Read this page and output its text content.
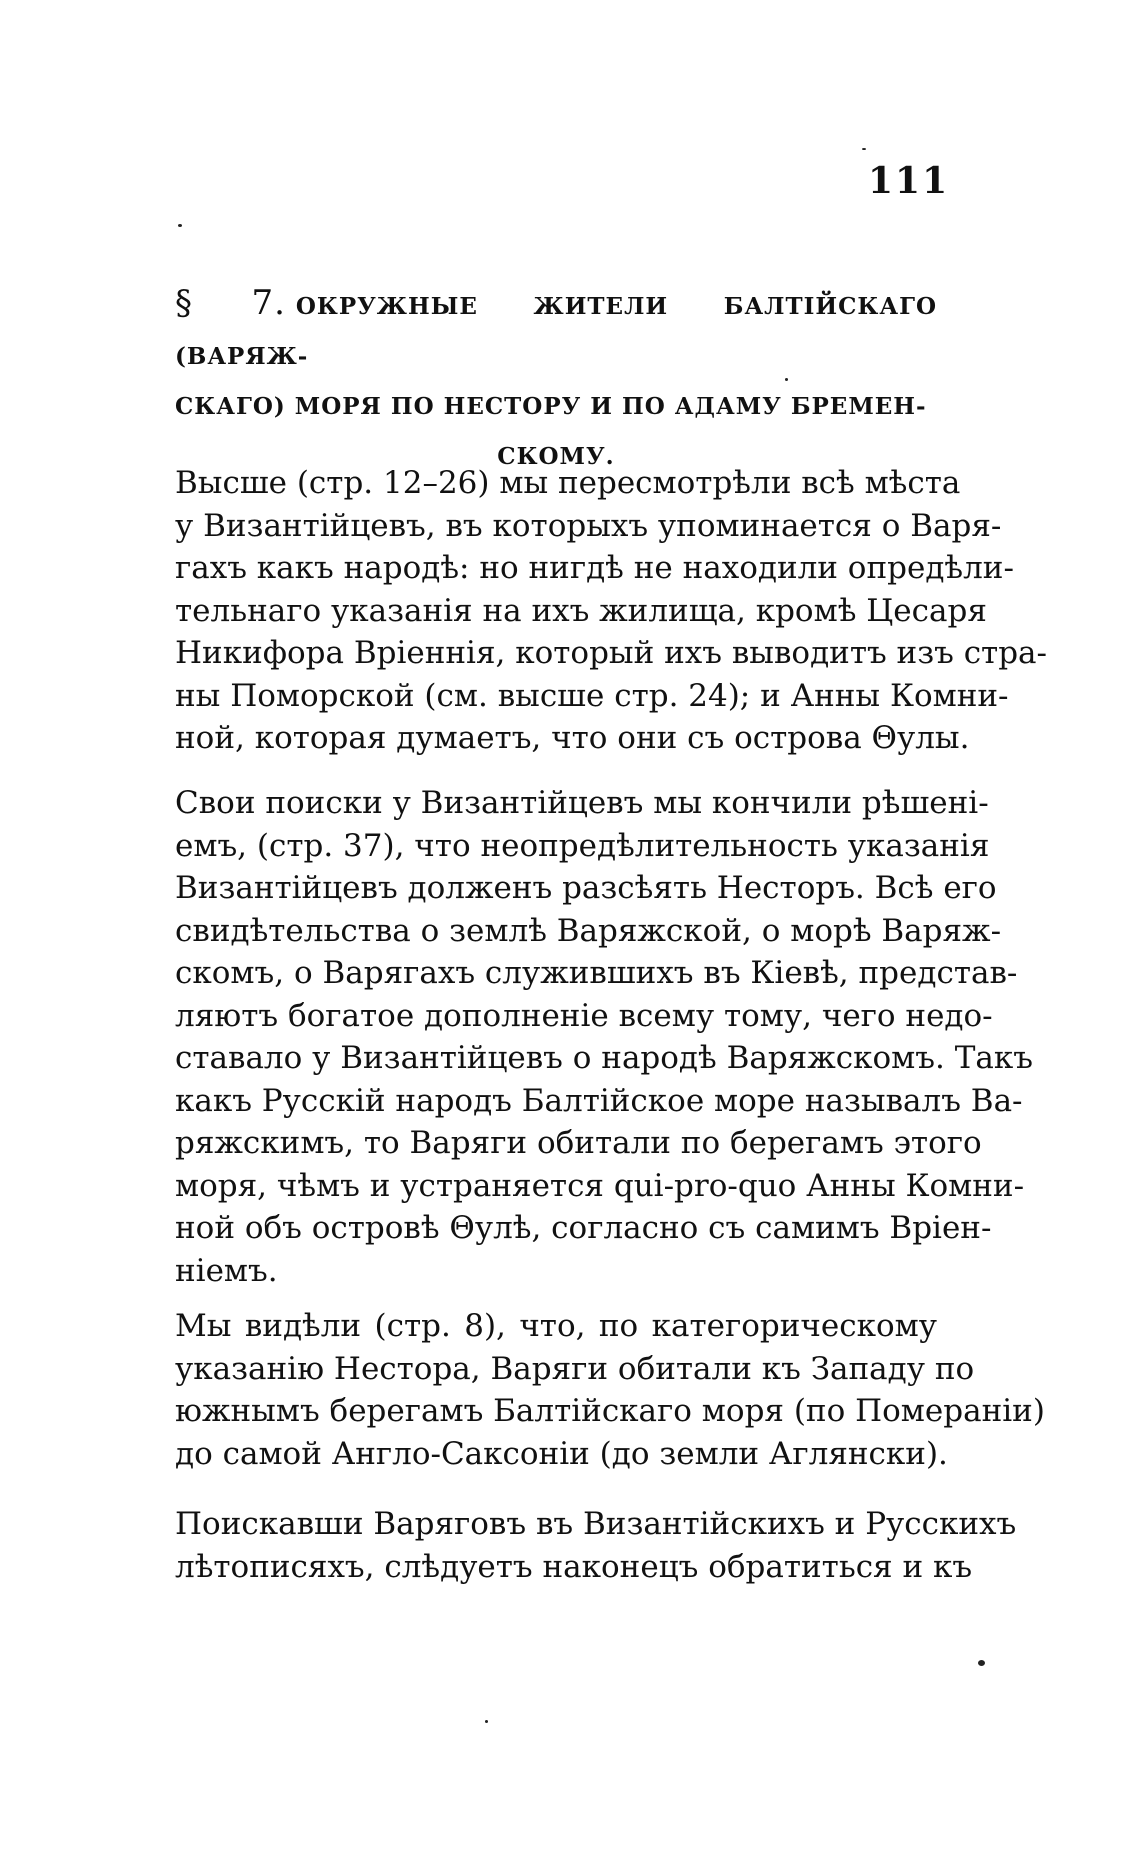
111
§ 7. ОКРУЖНЫЕ ЖИТЕЛИ БАЛТІЙСКАГО (ВАРЯЖ-
СКАГО) МОРЯ ПО НЕСТОРУ И ПО АДАМУ БРЕМЕН-
СКОМУ.
Высше (стр. 12–26) мы пересмотрѣли всѣ мѣста
у Византійцевъ, въ которыхъ упоминается о Варя-
гахъ какъ народѣ: но нигдѣ не находили опредѣли-
тельнаго указанія на ихъ жилища, кромѣ Цесаря
Никифора Вріеннія, который ихъ выводитъ изъ стра-
ны Поморской (см. высше стр. 24); и Анны Комни-
ной, которая думаетъ, что они съ острова Θулы.
Свои поиски у Византійцевъ мы кончили рѣшені-
емъ, (стр. 37), что неопредѣлительность указанія
Византійцевъ долженъ разсѣять Несторъ. Всѣ его
свидѣтельства о землѣ Варяжской, о морѣ Варяж-
скомъ, о Варягахъ служившихъ въ Кіевѣ, представ-
ляютъ богатое дополненіе всему тому, чего недо-
ставало у Византійцевъ о народѣ Варяжскомъ. Такъ
какъ Русскій народъ Балтійское море называлъ Ва-
ряжскимъ, то Варяги обитали по берегамъ этого
моря, чѣмъ и устраняется qui-pro-quo Анны Комни-
ной объ островѣ Θулѣ, согласно съ самимъ Вріен-
ніемъ.
Мы видѣли (стр. 8), что, по категорическому
указанію Нестора, Варяги обитали къ Западу по
южнымъ берегамъ Балтійскаго моря (по Померанiи)
до самой Англо-Саксоніи (до земли Аглянски).
Поискавши Варяговъ въ Византійскихъ и Русскихъ
лѣтописяхъ, слѣдуетъ наконецъ обратиться и къ
